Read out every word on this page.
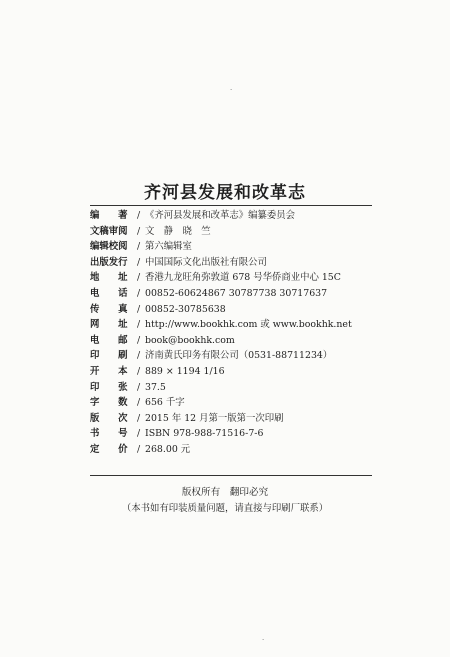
齐河县发展和改革志
编　　著	/ 《齐河县发展和改革志》编纂委员会
文稿审阅	/ 文　静　晓　竺
编辑校阅	/ 第六编辑室
出版发行	/ 中国国际文化出版社有限公司
地　　址	/ 香港九龙旺角弥敦道 678 号华侨商业中心 15C
电　　话	/ 00852-60624867 30787738 30717637
传　　真	/ 00852-30785638
网　　址	/ http://www.bookhk.com 或 www.bookhk.net
电　　邮	/ book@bookhk.com
印　　刷	/ 济南黄氏印务有限公司（0531-88711234）
开　　本	/ 889 × 1194 1/16
印　　张	/ 37.5
字　　数	/ 656 千字
版　　次	/ 2015 年 12 月第一版第一次印刷
书　　号	/ ISBN 978-988-71516-7-6
定　　价	/ 268.00 元
版权所有　翻印必究
（本书如有印装质量问题，请直接与印刷厂联系）
·
·
